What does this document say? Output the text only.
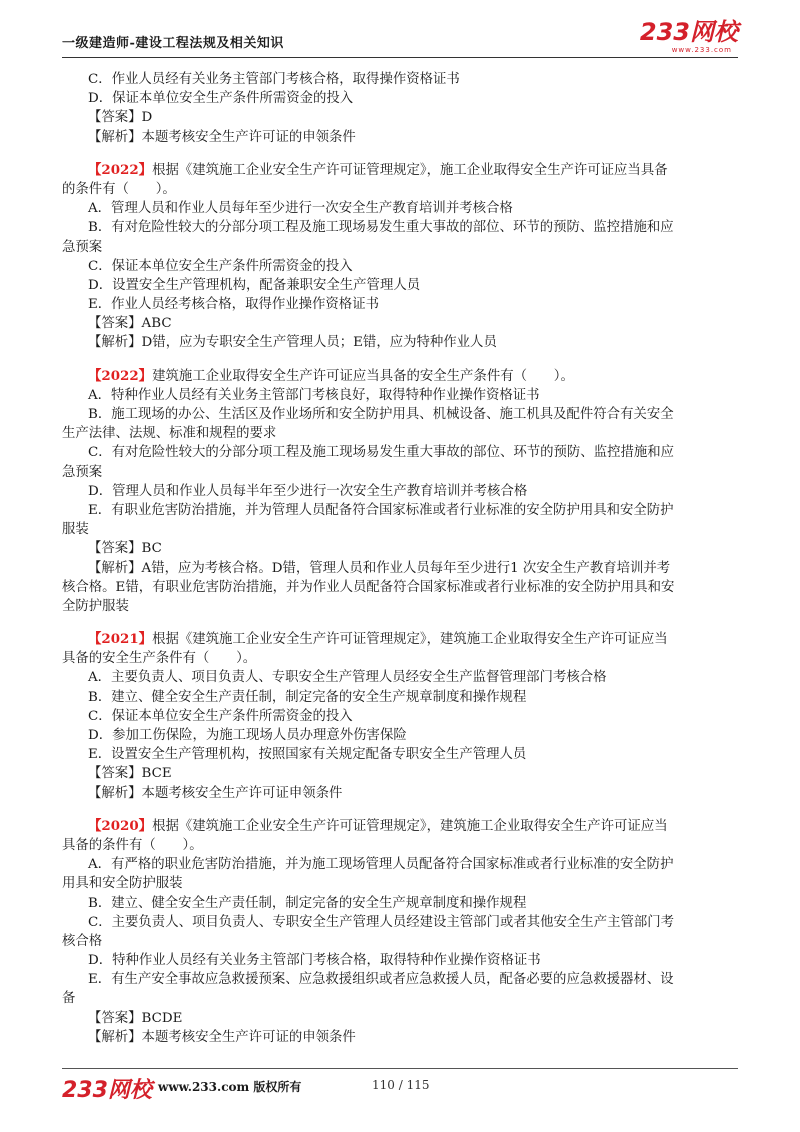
一级建造师-建设工程法规及相关知识	233网校
www.233.com
C．作业人员经有关业务主管部门考核合格，取得操作资格证书
D．保证本单位安全生产条件所需资金的投入
【答案】D
【解析】本题考核安全生产许可证的申领条件
【2022】根据《建筑施工企业安全生产许可证管理规定》，施工企业取得安全生产许可证应当具备
的条件有（　　）。
A．管理人员和作业人员每年至少进行一次安全生产教育培训并考核合格
B．有对危险性较大的分部分项工程及施工现场易发生重大事故的部位、环节的预防、监控措施和应
急预案
C．保证本单位安全生产条件所需资金的投入
D．设置安全生产管理机构，配备兼职安全生产管理人员
E．作业人员经考核合格，取得作业操作资格证书
【答案】ABC
【解析】D错，应为专职安全生产管理人员；E错，应为特种作业人员
【2022】建筑施工企业取得安全生产许可证应当具备的安全生产条件有（　　）。
A．特种作业人员经有关业务主管部门考核良好，取得特种作业操作资格证书
B．施工现场的办公、生活区及作业场所和安全防护用具、机械设备、施工机具及配件符合有关安全
生产法律、法规、标准和规程的要求
C．有对危险性较大的分部分项工程及施工现场易发生重大事故的部位、环节的预防、监控措施和应
急预案
D．管理人员和作业人员每半年至少进行一次安全生产教育培训并考核合格
E．有职业危害防治措施，并为管理人员配备符合国家标准或者行业标准的安全防护用具和安全防护
服装
【答案】BC
【解析】A错，应为考核合格。D错，管理人员和作业人员每年至少进行1 次安全生产教育培训并考
核合格。E错，有职业危害防治措施，并为作业人员配备符合国家标准或者行业标准的安全防护用具和安
全防护服装
【2021】根据《建筑施工企业安全生产许可证管理规定》，建筑施工企业取得安全生产许可证应当
具备的安全生产条件有（　　）。
A．主要负责人、项目负责人、专职安全生产管理人员经安全生产监督管理部门考核合格
B．建立、健全安全生产责任制，制定完备的安全生产规章制度和操作规程
C．保证本单位安全生产条件所需资金的投入
D．参加工伤保险，为施工现场人员办理意外伤害保险
E．设置安全生产管理机构，按照国家有关规定配备专职安全生产管理人员
【答案】BCE
【解析】本题考核安全生产许可证申领条件
【2020】根据《建筑施工企业安全生产许可证管理规定》，建筑施工企业取得安全生产许可证应当
具备的条件有（　　）。
A．有严格的职业危害防治措施，并为施工现场管理人员配备符合国家标准或者行业标准的安全防护
用具和安全防护服装
B．建立、健全安全生产责任制，制定完备的安全生产规章制度和操作规程
C．主要负责人、项目负责人、专职安全生产管理人员经建设主管部门或者其他安全生产主管部门考
核合格
D．特种作业人员经有关业务主管部门考核合格，取得特种作业操作资格证书
E．有生产安全事故应急救援预案、应急救援组织或者应急救援人员，配备必要的应急救援器材、设
备
【答案】BCDE
【解析】本题考核安全生产许可证的申领条件
233网校 www.233.com 版权所有	110 / 115
